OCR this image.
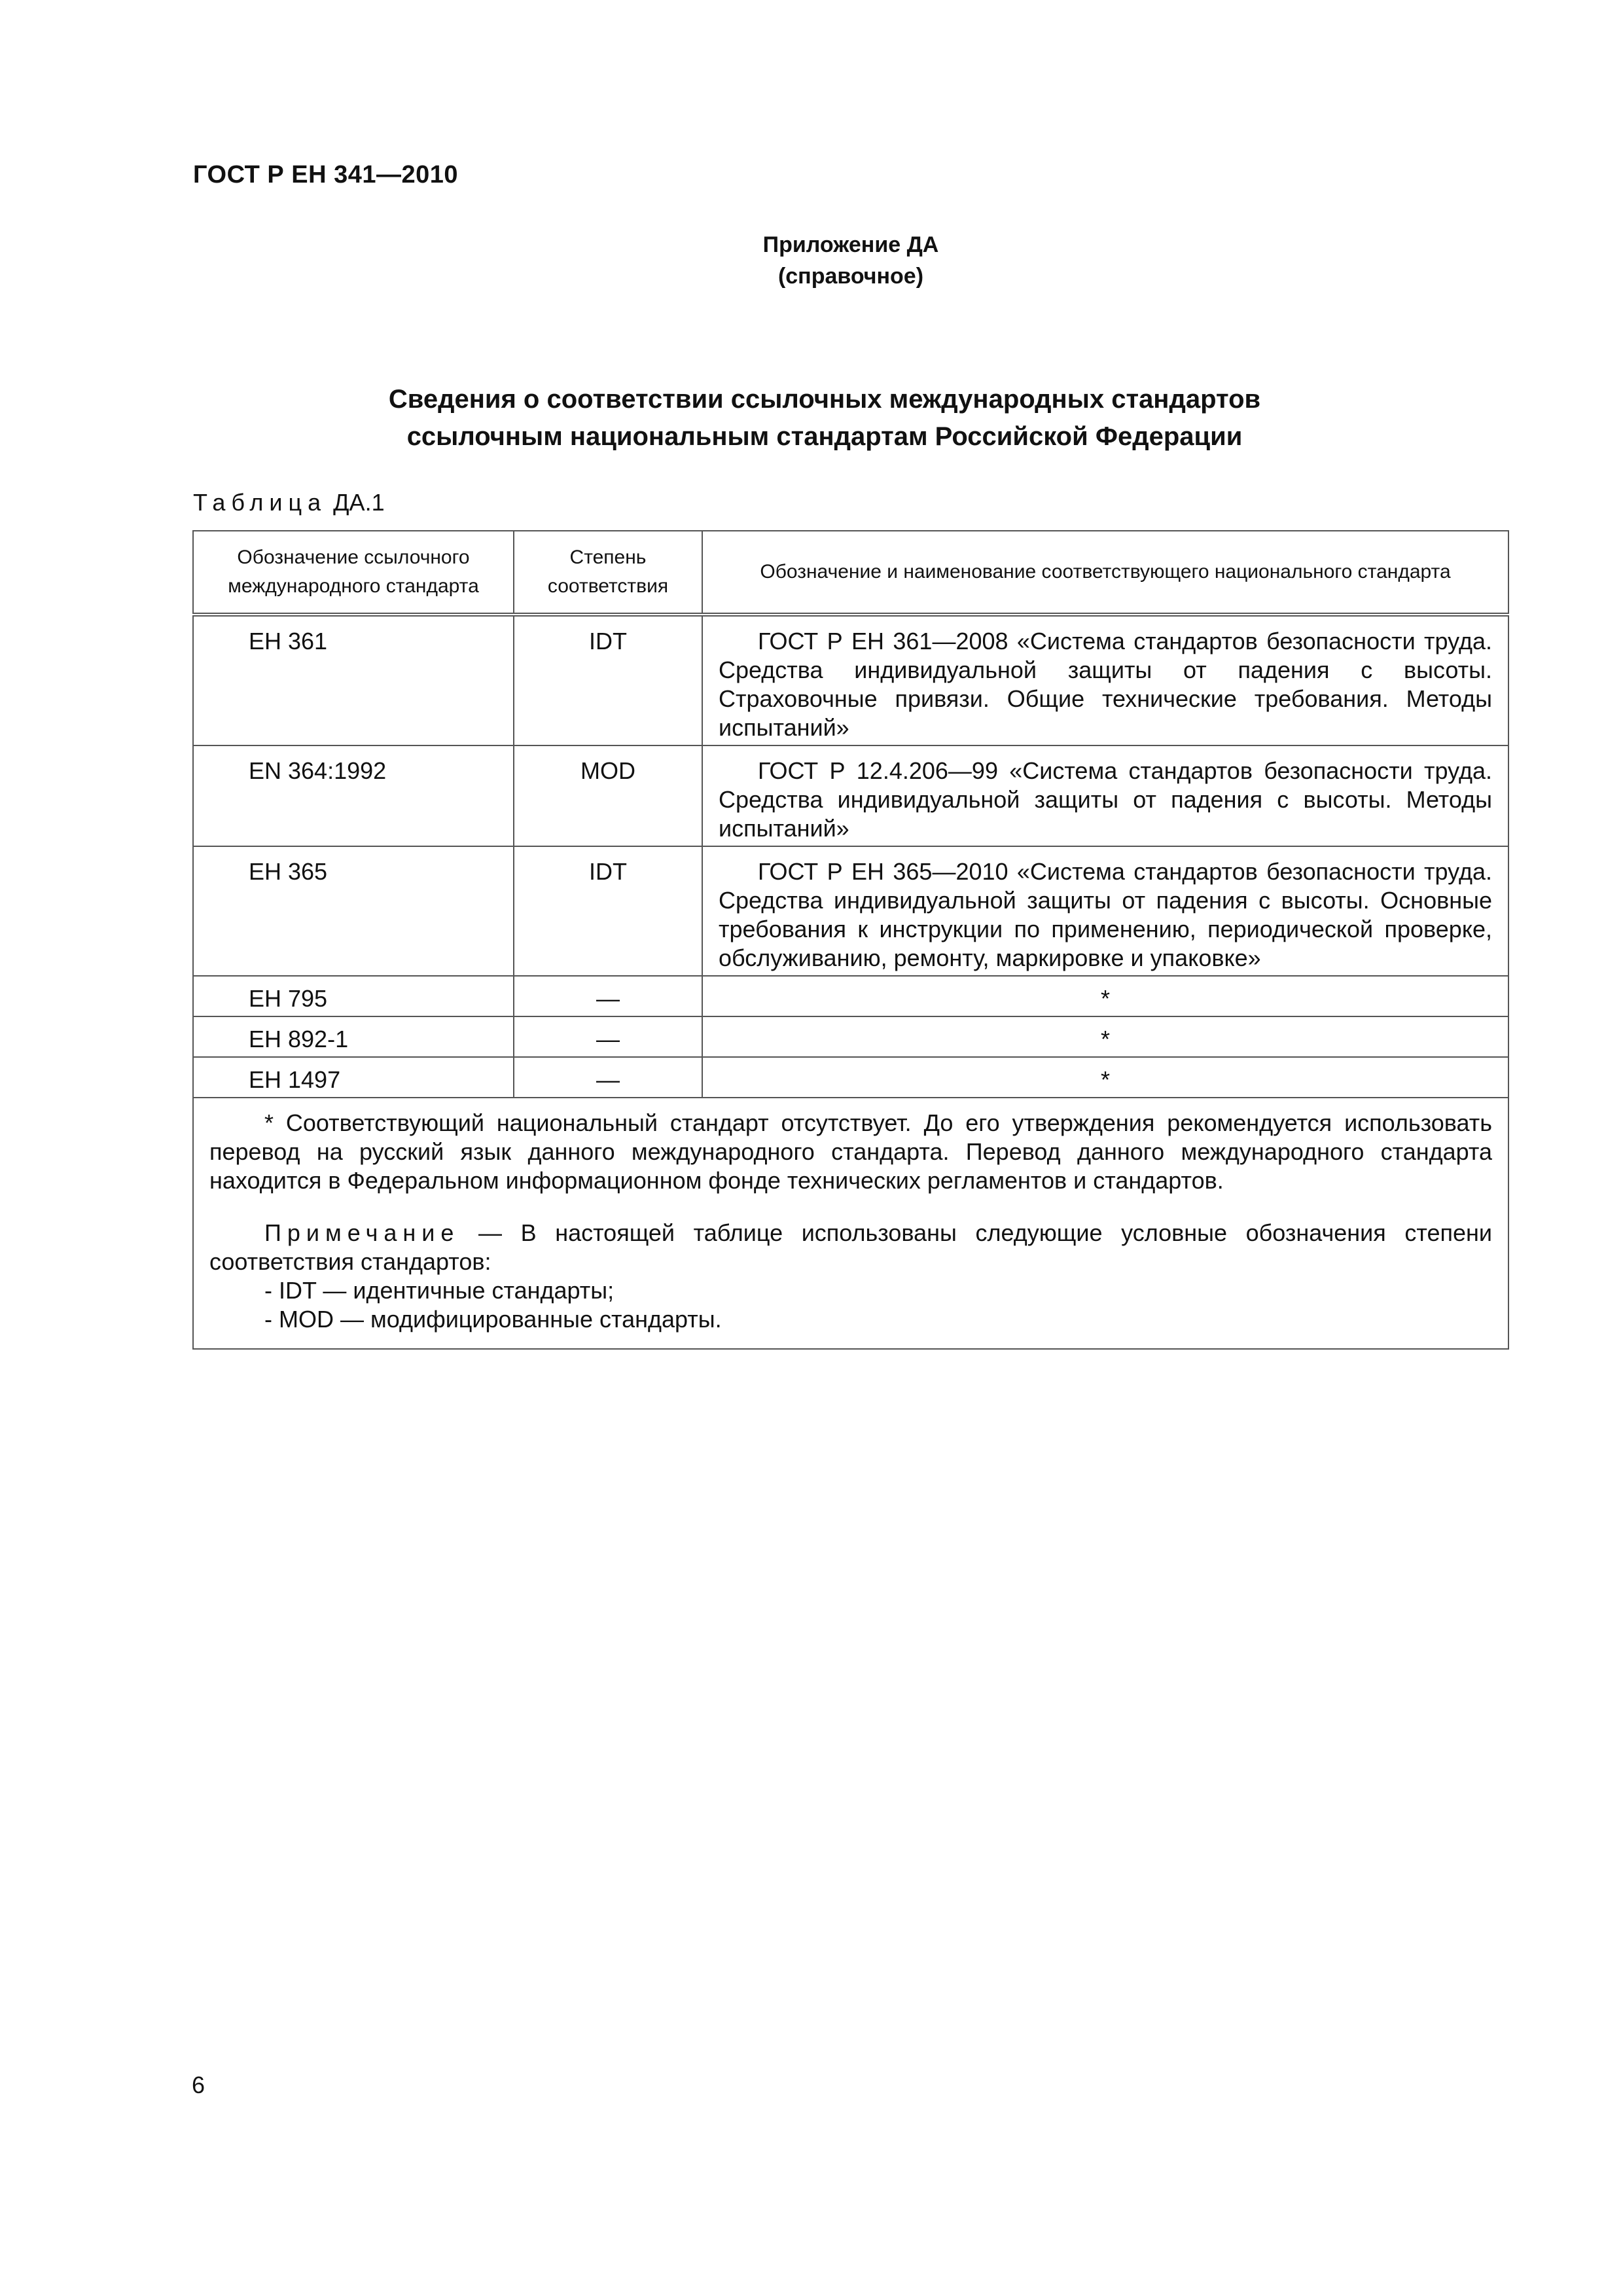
ГОСТ Р ЕН 341—2010
Приложение ДА
(справочное)
Сведения о соответствии ссылочных международных стандартов
ссылочным национальным стандартам Российской Федерации
Таблица ДА.1
Обозначение ссылочного международного стандарта	Степень соответствия	Обозначение и наименование соответствующего национального стандарта
ЕН 361	IDT	ГОСТ Р ЕН 361—2008 «Система стандартов безопасности труда. Средства индивидуальной защиты от падения с высоты. Страховочные привязи. Общие технические требования. Методы испытаний»
EN 364:1992	MOD	ГОСТ Р 12.4.206—99 «Система стандартов безопасности труда. Средства индивидуальной защиты от падения с высоты. Методы испытаний»
ЕН 365	IDT	ГОСТ Р ЕН 365—2010 «Система стандартов безопасности труда. Средства индивидуальной защиты от падения с высоты. Основные требования к инструкции по применению, периодической проверке, обслуживанию, ремонту, маркировке и упаковке»
ЕН 795	—	*
ЕН 892-1	—	*
ЕН 1497	—	*

* Соответствующий национальный стандарт отсутствует. До его утверждения рекомендуется использовать перевод на русский язык данного международного стандарта. Перевод данного международного стандарта находится в Федеральном информационном фонде технических регламентов и стандартов.

Примечание — В настоящей таблице использованы следующие условные обозначения степени соответствия стандартов:

- IDT — идентичные стандарты;

- MOD — модифицированные стандарты.		

6
